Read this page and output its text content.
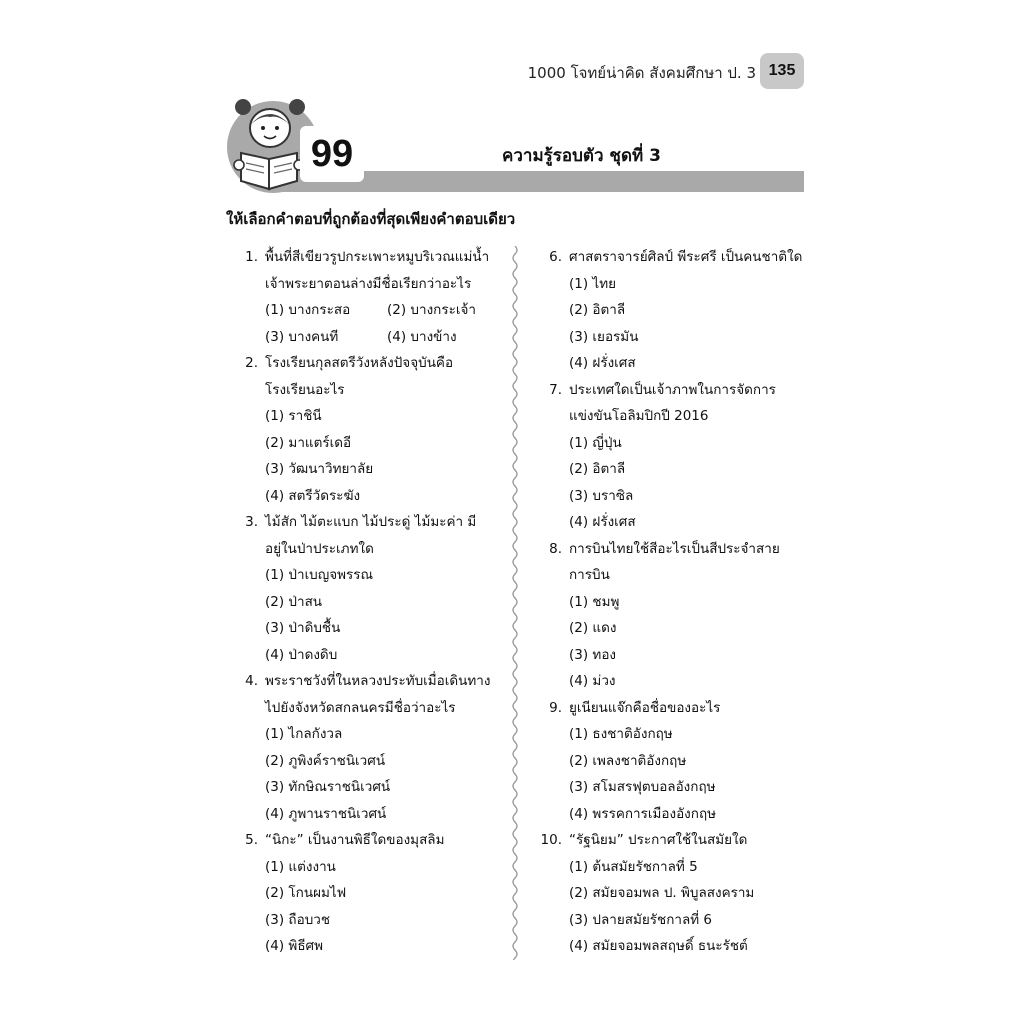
1000 โจทย์น่าคิด สังคมศึกษา ป. 3 135
99	ความรู้รอบตัว ชุดที่ 3
ให้เลือกคำตอบที่ถูกต้องที่สุดเพียงคำตอบเดียว
1. พื้นที่สีเขียวรูปกระเพาะหมูบริเวณแม่น้ำ
เจ้าพระยาตอนล่างมีชื่อเรียกว่าอะไร
(1) บางกระสอ	(2) บางกระเจ้า
(3) บางคนที	(4) บางข้าง
2. โรงเรียนกุลสตรีวังหลังปัจจุบันคือ
โรงเรียนอะไร
(1) ราชินี
(2) มาแตร์เดอี
(3) วัฒนาวิทยาลัย
(4) สตรีวัดระฆัง
3. ไม้สัก ไม้ตะแบก ไม้ประดู่ ไม้มะค่า มี
อยู่ในป่าประเภทใด
(1) ป่าเบญจพรรณ
(2) ป่าสน
(3) ป่าดิบชื้น
(4) ป่าดงดิบ
4. พระราชวังที่ในหลวงประทับเมื่อเดินทาง
ไปยังจังหวัดสกลนครมีชื่อว่าอะไร
(1) ไกลกังวล
(2) ภูพิงค์ราชนิเวศน์
(3) ทักษิณราชนิเวศน์
(4) ภูพานราชนิเวศน์
5. “นิกะ” เป็นงานพิธีใดของมุสลิม
(1) แต่งงาน
(2) โกนผมไฟ
(3) ถือบวช
(4) พิธีศพ
6. ศาสตราจารย์ศิลป์ พีระศรี เป็นคนชาติใด
(1) ไทย
(2) อิตาลี
(3) เยอรมัน
(4) ฝรั่งเศส
7. ประเทศใดเป็นเจ้าภาพในการจัดการ
แข่งขันโอลิมปิกปี 2016
(1) ญี่ปุ่น
(2) อิตาลี
(3) บราซิล
(4) ฝรั่งเศส
8. การบินไทยใช้สีอะไรเป็นสีประจำสาย
การบิน
(1) ชมพู
(2) แดง
(3) ทอง
(4) ม่วง
9. ยูเนียนแจ๊กคือชื่อของอะไร
(1) ธงชาติอังกฤษ
(2) เพลงชาติอังกฤษ
(3) สโมสรฟุตบอลอังกฤษ
(4) พรรคการเมืองอังกฤษ
10. “รัฐนิยม” ประกาศใช้ในสมัยใด
(1) ต้นสมัยรัชกาลที่ 5
(2) สมัยจอมพล ป. พิบูลสงคราม
(3) ปลายสมัยรัชกาลที่ 6
(4) สมัยจอมพลสฤษดิ์ ธนะรัชต์
